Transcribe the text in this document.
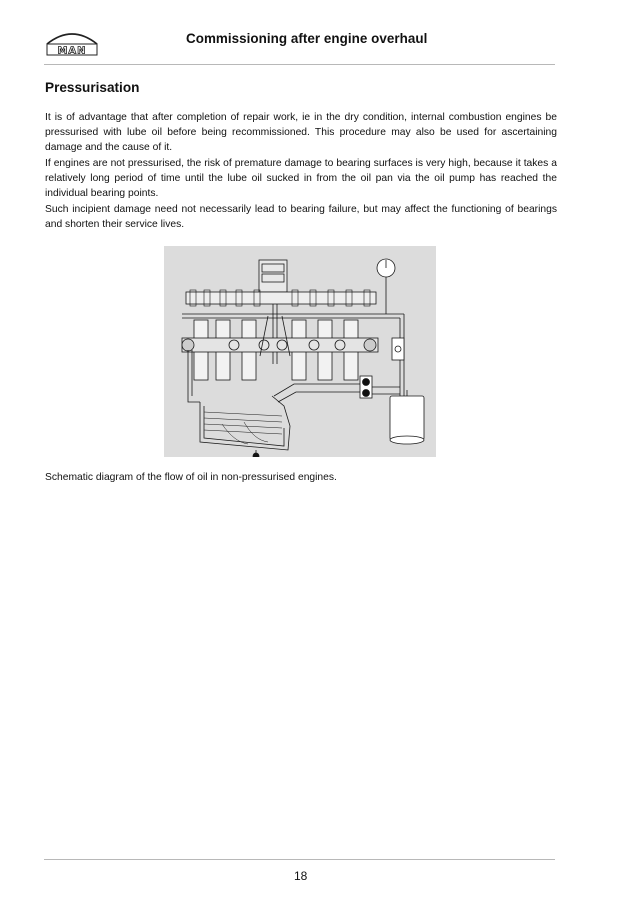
MAN
Commissioning after engine overhaul
Pressurisation

It is of advantage that after completion of repair work, ie in the dry condition, internal combustion engines be pressurised with lube oil before being recommissioned. This procedure may also be used for ascertaining damage and the cause of it.

If engines are not pressurised, the risk of premature damage to bearing surfaces is very high, because it takes a relatively long period of time until the lube oil sucked in from the oil pan via the oil pump has reached the individual bearing points.

Such incipient damage need not necessarily lead to bearing failure, but may affect the functioning of bearings and shorten their service lives.

Schematic diagram of the flow of oil in non-pressurised engines.
18
